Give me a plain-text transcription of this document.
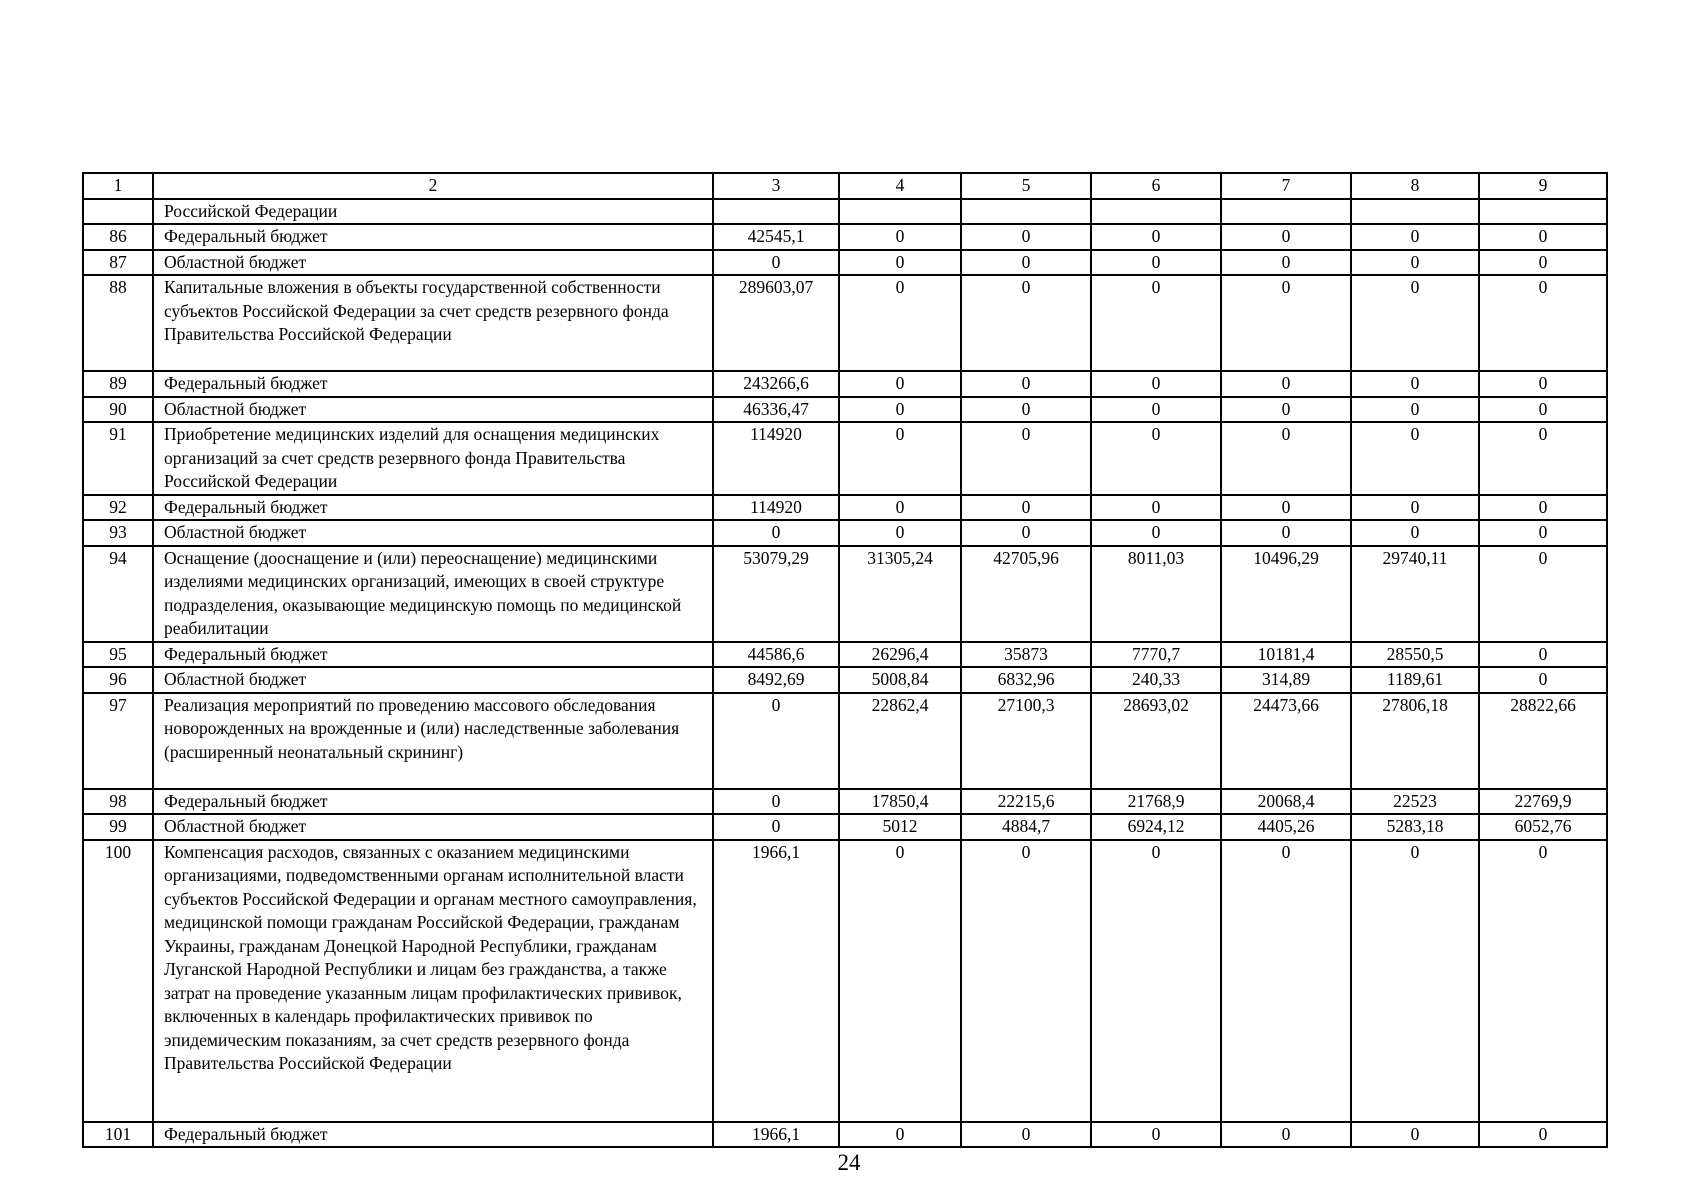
1	2	3	4	5	6	7	8	9
	Российской Федерации							
86	Федеральный бюджет	42545,1	0	0	0	0	0	0
87	Областной бюджет	0	0	0	0	0	0	0
88	Капитальные вложения в объекты государственной собственности субъектов Российской Федерации за счет средств резервного фонда Правительства Российской Федерации	289603,07	0	0	0	0	0	0
89	Федеральный бюджет	243266,6	0	0	0	0	0	0
90	Областной бюджет	46336,47	0	0	0	0	0	0
91	Приобретение медицинских изделий для оснащения медицинских организаций за счет средств резервного фонда Правительства Российской Федерации	114920	0	0	0	0	0	0
92	Федеральный бюджет	114920	0	0	0	0	0	0
93	Областной бюджет	0	0	0	0	0	0	0
94	Оснащение (дооснащение и (или) переоснащение) медицинскими изделиями медицинских организаций, имеющих в своей структуре подразделения, оказывающие медицинскую помощь по медицинской реабилитации	53079,29	31305,24	42705,96	8011,03	10496,29	29740,11	0
95	Федеральный бюджет	44586,6	26296,4	35873	7770,7	10181,4	28550,5	0
96	Областной бюджет	8492,69	5008,84	6832,96	240,33	314,89	1189,61	0
97	Реализация мероприятий по проведению массового обследования новорожденных на врожденные и (или) наследственные заболевания (расширенный неонатальный скрининг)	0	22862,4	27100,3	28693,02	24473,66	27806,18	28822,66
98	Федеральный бюджет	0	17850,4	22215,6	21768,9	20068,4	22523	22769,9
99	Областной бюджет	0	5012	4884,7	6924,12	4405,26	5283,18	6052,76
100	Компенсация расходов, связанных с оказанием медицинскими организациями, подведомственными органам исполнительной власти субъектов Российской Федерации и органам местного самоуправления, медицинской помощи гражданам Российской Федерации, гражданам Украины, гражданам Донецкой Народной Республики, гражданам Луганской Народной Республики и лицам без гражданства, а также затрат на проведение указанным лицам профилактических прививок, включенных в календарь профилактических прививок по эпидемическим показаниям, за счет средств резервного фонда Правительства Российской Федерации	1966,1	0	0	0	0	0	0
101	Федеральный бюджет	1966,1	0	0	0	0	0	0
24
